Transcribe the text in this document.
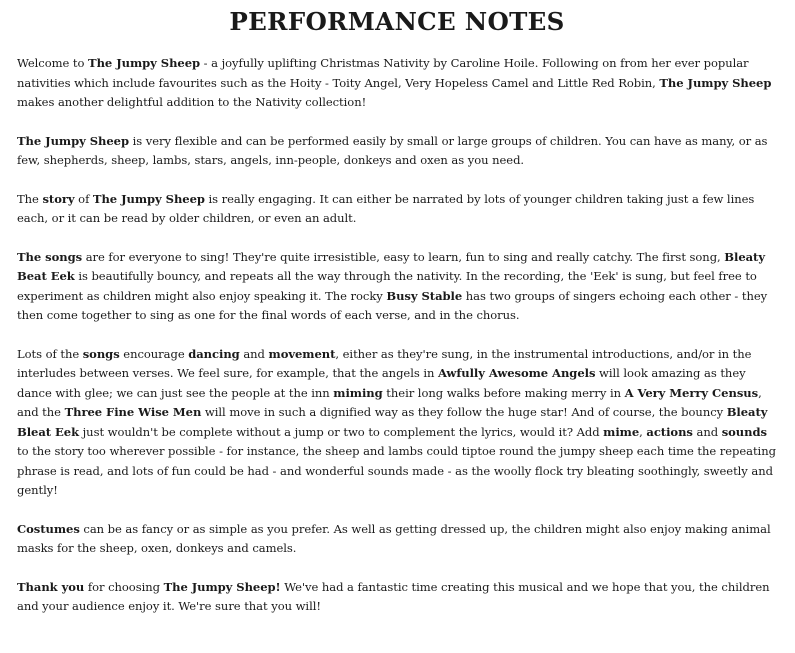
PERFORMANCE NOTES

Welcome to The Jumpy Sheep - a joyfully uplifting Christmas Nativity by Caroline Hoile. Following on from her ever popular nativities which include favourites such as the Hoity - Toity Angel, Very Hopeless Camel and Little Red Robin, The Jumpy Sheep makes another delightful addition to the Nativity collection!

The Jumpy Sheep is very flexible and can be performed easily by small or large groups of children. You can have as many, or as few, shepherds, sheep, lambs, stars, angels, inn-people, donkeys and oxen as you need.

The story of The Jumpy Sheep is really engaging. It can either be narrated by lots of younger children taking just a few lines each, or it can be read by older children, or even an adult.

The songs are for everyone to sing! They're quite irresistible, easy to learn, fun to sing and really catchy. The first song, Bleaty Beat Eek is beautifully bouncy, and repeats all the way through the nativity. In the recording, the 'Eek' is sung, but feel free to experiment as children might also enjoy speaking it. The rocky Busy Stable has two groups of singers echoing each other - they then come together to sing as one for the final words of each verse, and in the chorus.

Lots of the songs encourage dancing and movement, either as they're sung, in the instrumental introductions, and/or in the interludes between verses. We feel sure, for example, that the angels in Awfully Awesome Angels will look amazing as they dance with glee; we can just see the people at the inn miming their long walks before making merry in A Very Merry Census, and the Three Fine Wise Men will move in such a dignified way as they follow the huge star! And of course, the bouncy Bleaty Bleat Eek just wouldn't be complete without a jump or two to complement the lyrics, would it? Add mime, actions and sounds to the story too wherever possible - for instance, the sheep and lambs could tiptoe round the jumpy sheep each time the repeating phrase is read, and lots of fun could be had - and wonderful sounds made - as the woolly flock try bleating soothingly, sweetly and gently!

Costumes can be as fancy or as simple as you prefer. As well as getting dressed up, the children might also enjoy making animal masks for the sheep, oxen, donkeys and camels.

Thank you for choosing The Jumpy Sheep! We've had a fantastic time creating this musical and we hope that you, the children and your audience enjoy it. We're sure that you will!
